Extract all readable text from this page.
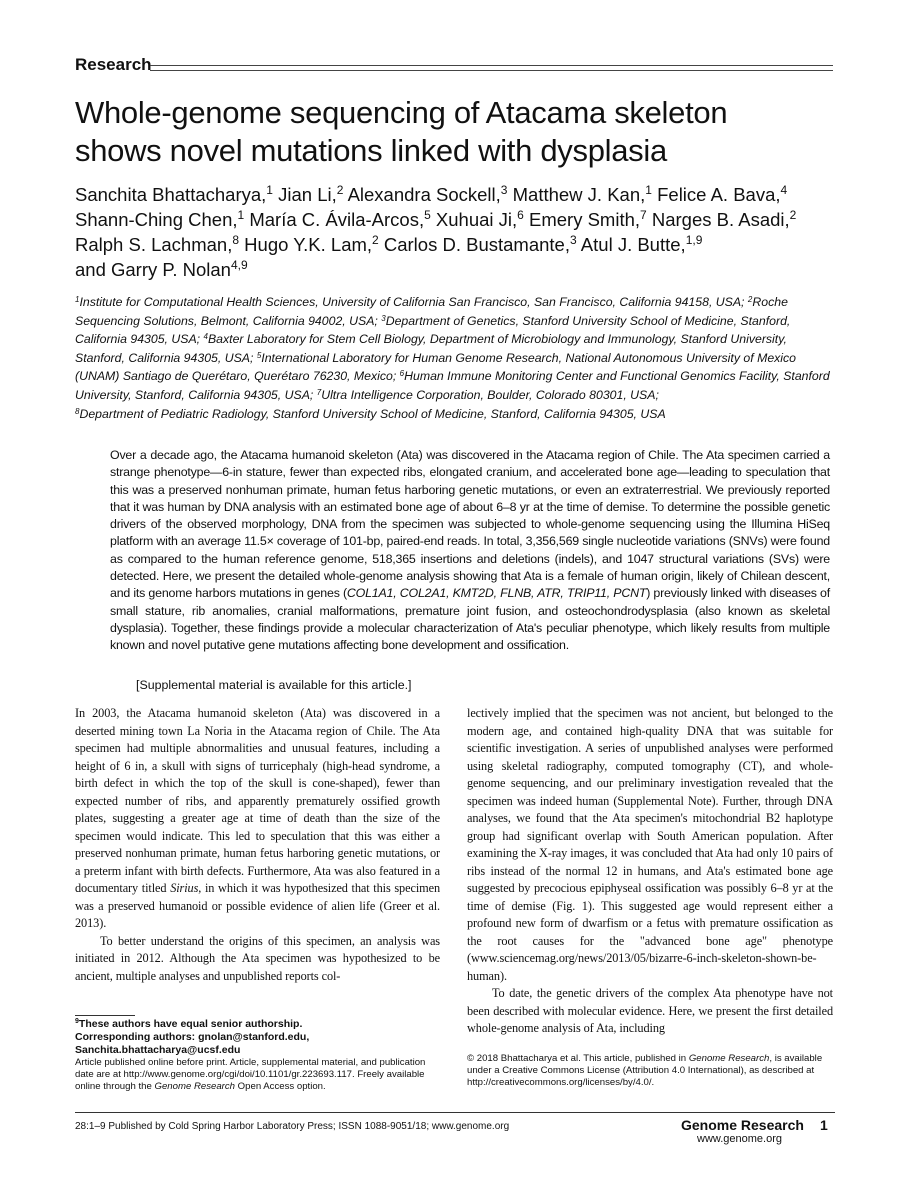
Research
Whole-genome sequencing of Atacama skeleton
shows novel mutations linked with dysplasia
Sanchita Bhattacharya,$^1$ Jian Li,$^2$ Alexandra Sockell,$^3$ Matthew J. Kan,$^1$ Felice A. Bava,$^4$
Shann-Ching Chen,$^1$ María C. Ávila-Arcos,$^5$ Xuhuai Ji,$^6$ Emery Smith,$^7$ Narges B. Asadi,$^2$
Ralph S. Lachman,$^8$ Hugo Y.K. Lam,$^2$ Carlos D. Bustamante,$^3$ Atul J. Butte,$^{1,9}$
and Garry P. Nolan$^{4,9}$
$^1$Institute for Computational Health Sciences, University of California San Francisco, San Francisco, California 94158, USA; $^2$Roche Sequencing Solutions, Belmont, California 94002, USA; $^3$Department of Genetics, Stanford University School of Medicine, Stanford, California 94305, USA; $^4$Baxter Laboratory for Stem Cell Biology, Department of Microbiology and Immunology, Stanford University, Stanford, California 94305, USA; $^5$International Laboratory for Human Genome Research, National Autonomous University of Mexico (UNAM) Santiago de Querétaro, Querétaro 76230, Mexico; $^6$Human Immune Monitoring Center and Functional Genomics Facility, Stanford University, Stanford, California 94305, USA; $^7$Ultra Intelligence Corporation, Boulder, Colorado 80301, USA;
$^8$Department of Pediatric Radiology, Stanford University School of Medicine, Stanford, California 94305, USA
Over a decade ago, the Atacama humanoid skeleton (Ata) was discovered in the Atacama region of Chile. The Ata specimen carried a strange phenotype—6-in stature, fewer than expected ribs, elongated cranium, and accelerated bone age—leading to speculation that this was a preserved nonhuman primate, human fetus harboring genetic mutations, or even an extraterrestrial. We previously reported that it was human by DNA analysis with an estimated bone age of about 6–8 yr at the time of demise. To determine the possible genetic drivers of the observed morphology, DNA from the specimen was subjected to whole-genome sequencing using the Illumina HiSeq platform with an average 11.5× coverage of 101-bp, paired-end reads. In total, 3,356,569 single nucleotide variations (SNVs) were found as compared to the human reference genome, 518,365 insertions and deletions (indels), and 1047 structural variations (SVs) were detected. Here, we present the detailed whole-genome analysis showing that Ata is a female of human origin, likely of Chilean descent, and its genome harbors mutations in genes (COL1A1, COL2A1, KMT2D, FLNB, ATR, TRIP11, PCNT) previously linked with diseases of small stature, rib anomalies, cranial malformations, premature joint fusion, and osteochondrodysplasia (also known as skeletal dysplasia). Together, these findings provide a molecular characterization of Ata's peculiar phenotype, which likely results from multiple known and novel putative gene mutations affecting bone development and ossification.
[Supplemental material is available for this article.]

In 2003, the Atacama humanoid skeleton (Ata) was discovered in a deserted mining town La Noria in the Atacama region of Chile. The Ata specimen had multiple abnormalities and unusual features, including a height of 6 in, a skull with signs of turricephaly (high-head syndrome, a birth defect in which the top of the skull is cone-shaped), fewer than expected number of ribs, and apparently prematurely ossified growth plates, suggesting a greater age at time of death than the size of the specimen would indicate. This led to speculation that this was either a preserved nonhuman primate, human fetus harboring genetic mutations, or a preterm infant with birth defects. Furthermore, Ata was also featured in a documentary titled Sirius, in which it was hypothesized that this specimen was a preserved humanoid or possible evidence of alien life (Greer et al. 2013).

To better understand the origins of this specimen, an analysis was initiated in 2012. Although the Ata specimen was hypothesized to be ancient, multiple analyses and unpublished reports col-

lectively implied that the specimen was not ancient, but belonged to the modern age, and contained high-quality DNA that was suitable for scientific investigation. A series of unpublished analyses were performed using skeletal radiography, computed tomography (CT), and whole-genome sequencing, and our preliminary investigation revealed that the specimen was indeed human (Supplemental Note). Further, through DNA analyses, we found that the Ata specimen's mitochondrial B2 haplotype group had significant overlap with South American population. After examining the X-ray images, it was concluded that Ata had only 10 pairs of ribs instead of the normal 12 in humans, and Ata's estimated bone age suggested by precocious epiphyseal ossification was possibly 6–8 yr at the time of demise (Fig. 1). This suggested age would represent either a profound new form of dwarfism or a fetus with premature ossification as the root causes for the "advanced bone age" phenotype (www.sciencemag.org/news/2013/05/bizarre-6-inch-skeleton-shown-be-human).

To date, the genetic drivers of the complex Ata phenotype have not been described with molecular evidence. Here, we present the first detailed whole-genome analysis of Ata, including

$^9$These authors have equal senior authorship.
Corresponding authors: gnolan@stanford.edu,
Sanchita.bhattacharya@ucsf.edu
Article published online before print. Article, supplemental material, and publication date are at http://www.genome.org/cgi/doi/10.1101/gr.223693.117. Freely available online through the Genome Research Open Access option.
© 2018 Bhattacharya et al. This article, published in Genome Research, is available under a Creative Commons License (Attribution 4.0 International), as described at http://creativecommons.org/licenses/by/4.0/.
28:1–9 Published by Cold Spring Harbor Laboratory Press; ISSN 1088-9051/18; www.genome.org	Genome Research 1
www.genome.org
